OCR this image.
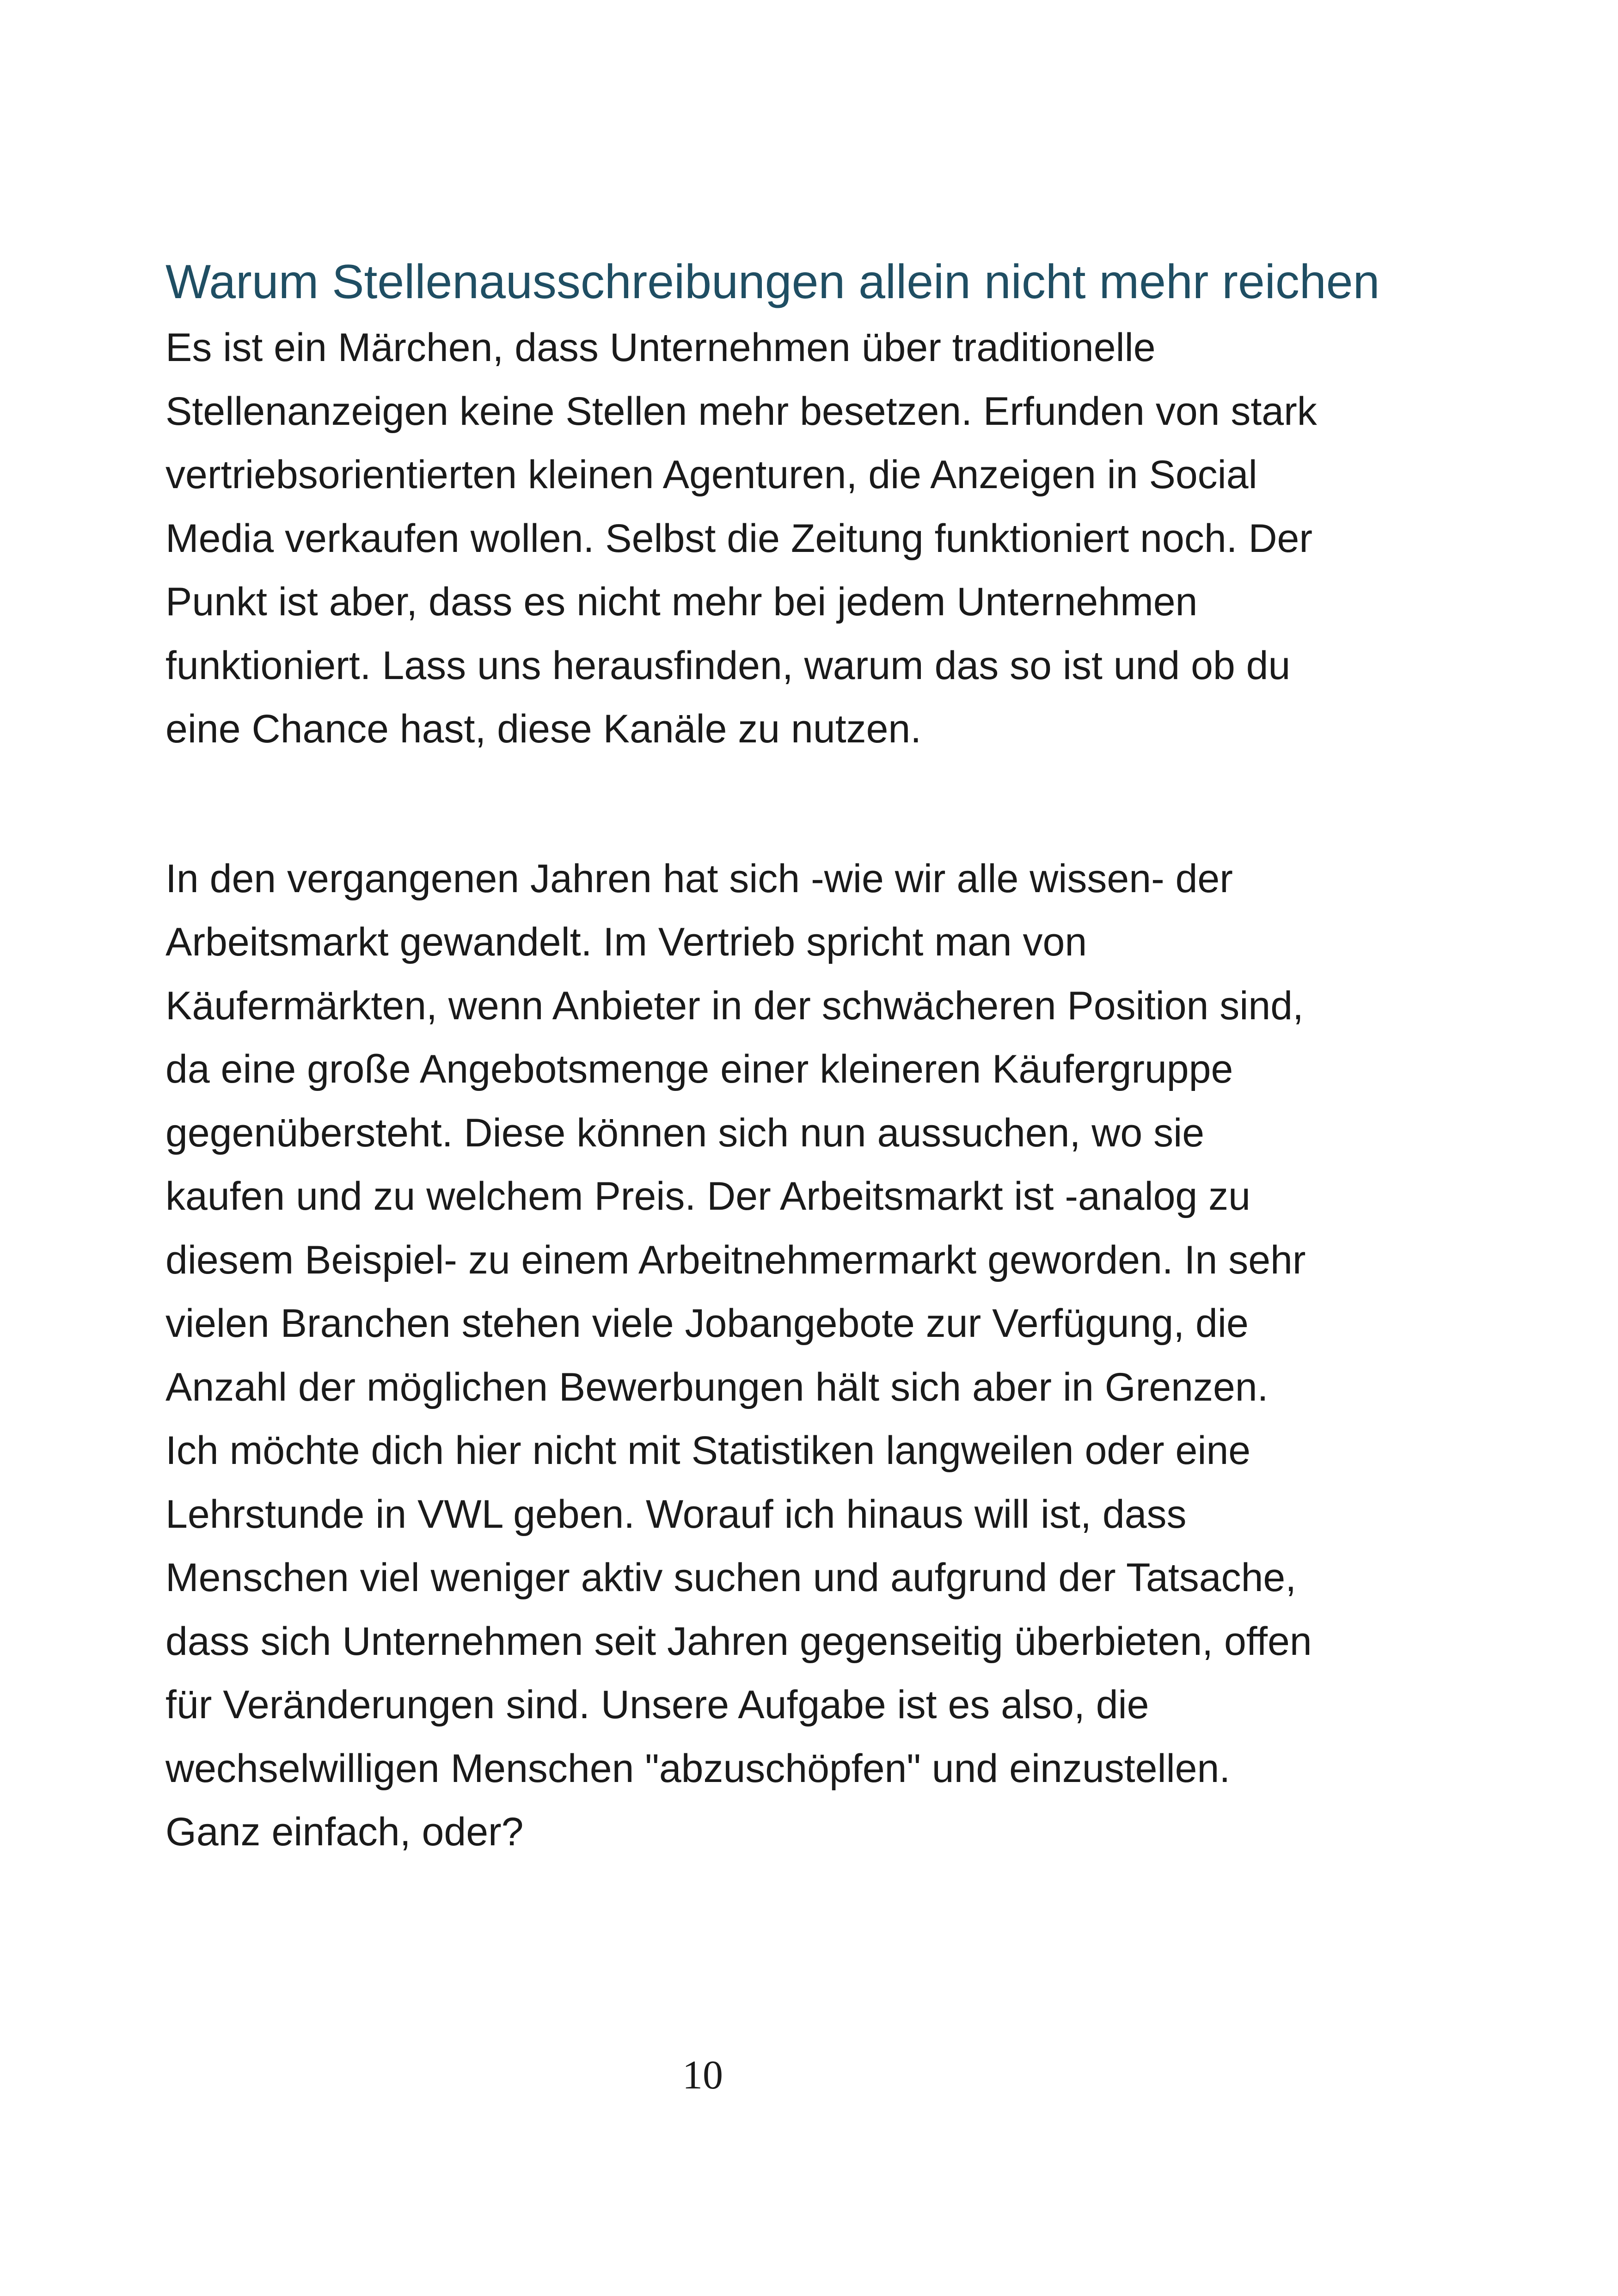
Warum Stellenausschreibungen allein nicht mehr reichen

Es ist ein Märchen, dass Unternehmen über traditionelle
Stellenanzeigen keine Stellen mehr besetzen. Erfunden von stark
vertriebsorientierten kleinen Agenturen, die Anzeigen in Social
Media verkaufen wollen. Selbst die Zeitung funktioniert noch. Der
Punkt ist aber, dass es nicht mehr bei jedem Unternehmen
funktioniert. Lass uns herausfinden, warum das so ist und ob du
eine Chance hast, diese Kanäle zu nutzen.

In den vergangenen Jahren hat sich -wie wir alle wissen- der
Arbeitsmarkt gewandelt. Im Vertrieb spricht man von
Käufermärkten, wenn Anbieter in der schwächeren Position sind,
da eine große Angebotsmenge einer kleineren Käufergruppe
gegenübersteht. Diese können sich nun aussuchen, wo sie
kaufen und zu welchem Preis. Der Arbeitsmarkt ist -analog zu
diesem Beispiel- zu einem Arbeitnehmermarkt geworden. In sehr
vielen Branchen stehen viele Jobangebote zur Verfügung, die
Anzahl der möglichen Bewerbungen hält sich aber in Grenzen.
Ich möchte dich hier nicht mit Statistiken langweilen oder eine
Lehrstunde in VWL geben. Worauf ich hinaus will ist, dass
Menschen viel weniger aktiv suchen und aufgrund der Tatsache,
dass sich Unternehmen seit Jahren gegenseitig überbieten, offen
für Veränderungen sind. Unsere Aufgabe ist es also, die
wechselwilligen Menschen "abzuschöpfen" und einzustellen.
Ganz einfach, oder?

10
